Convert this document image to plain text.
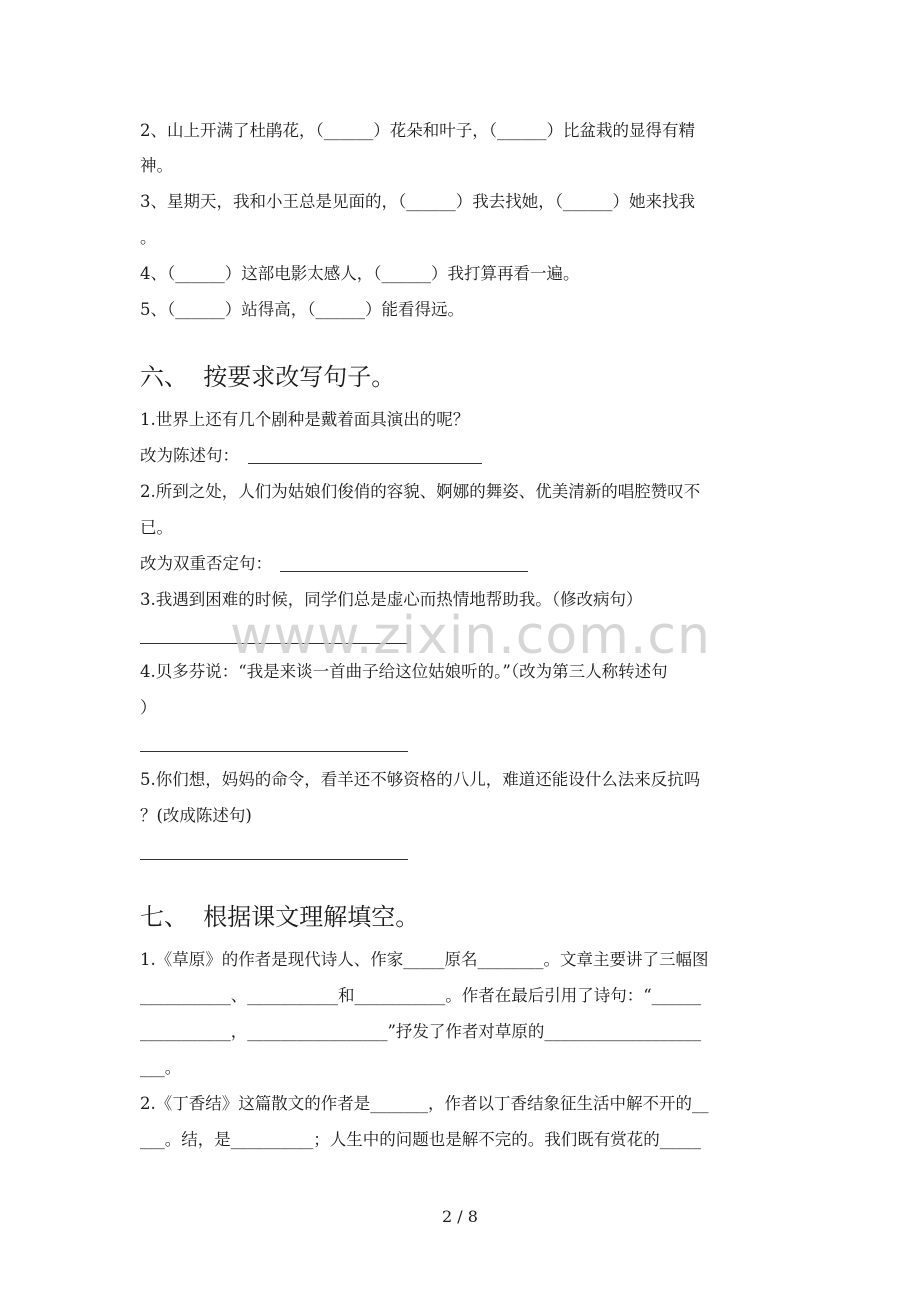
2、山上开满了杜鹃花，（______）花朵和叶子，（______）比盆栽的显得有精
神。
3、星期天，我和小王总是见面的，（______）我去找她，（______）她来找我
。
4、（______）这部电影太感人，（______）我打算再看一遍。
5、（______）站得高，（______）能看得远。
六、  按要求改写句子。
1.世界上还有几个剧种是戴着面具演出的呢？
改为陈述句：
2.所到之处，人们为姑娘们俊俏的容貌、婀娜的舞姿、优美清新的唱腔赞叹不
已。
改为双重否定句：
3.我遇到困难的时候，同学们总是虚心而热情地帮助我。（修改病句）
4.贝多芬说：“我是来谈一首曲子给这位姑娘听的。”（改为第三人称转述句
）
5.你们想，妈妈的命令，看羊还不够资格的八儿，难道还能设什么法来反抗吗
？(改成陈述句)
七、  根据课文理解填空。
1.《草原》的作者是现代诗人、作家_____原名________。文章主要讲了三幅图
___________、___________和___________。作者在最后引用了诗句：“______
___________，_________________”抒发了作者对草原的___________________
___。
2.《丁香结》这篇散文的作者是_______，作者以丁香结象征生活中解不开的__
___。结，是__________；人生中的问题也是解不完的。我们既有赏花的_____
www.zixin.com.cn
2 / 8
